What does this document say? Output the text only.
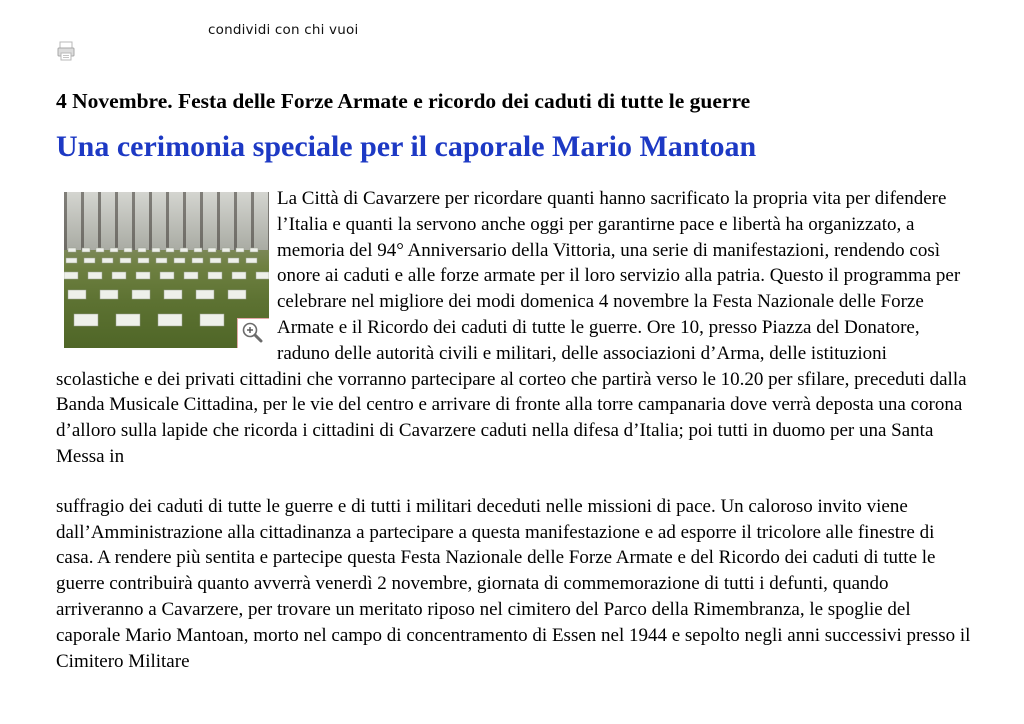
condividi con chi vuoi
4 Novembre. Festa delle Forze Armate e ricordo dei caduti di tutte le guerre
Una cerimonia speciale per il caporale Mario Mantoan

La Città di Cavarzere per ricordare quanti hanno sacrificato la propria vita per difendere l’Italia e quanti la servono anche oggi per garantirne pace e libertà ha organizzato, a memoria del 94° Anniversario della Vittoria, una serie di manifestazioni, rendendo così onore ai caduti e alle forze armate per il loro servizio alla patria. Questo il programma per celebrare nel migliore dei modi domenica 4 novembre la Festa Nazionale delle Forze Armate e il Ricordo dei caduti di tutte le guerre. Ore 10, presso Piazza del Donatore, raduno delle autorità civili e militari, delle associazioni d’Arma, delle istituzioni scolastiche e dei privati cittadini che vorranno partecipare al corteo che partirà verso le 10.20 per sfilare, preceduti dalla Banda Musicale Cittadina, per le vie del centro e arrivare di fronte alla torre campanaria dove verrà deposta una corona d’alloro sulla lapide che ricorda i cittadini di Cavarzere caduti nella difesa d’Italia; poi tutti in duomo per una Santa Messa in

suffragio dei caduti di tutte le guerre e di tutti i militari deceduti nelle missioni di pace. Un caloroso invito viene dall’Amministrazione alla cittadinanza a partecipare a questa manifestazione e ad esporre il tricolore alle finestre di casa. A rendere più sentita e partecipe questa Festa Nazionale delle Forze Armate e del Ricordo dei caduti di tutte le guerre contribuirà quanto avverrà venerdì 2 novembre, giornata di commemorazione di tutti i defunti, quando arriveranno a Cavarzere, per trovare un meritato riposo nel cimitero del Parco della Rimembranza, le spoglie del caporale Mario Mantoan, morto nel campo di concentramento di Essen nel 1944 e sepolto negli anni successivi presso il Cimitero Militare
